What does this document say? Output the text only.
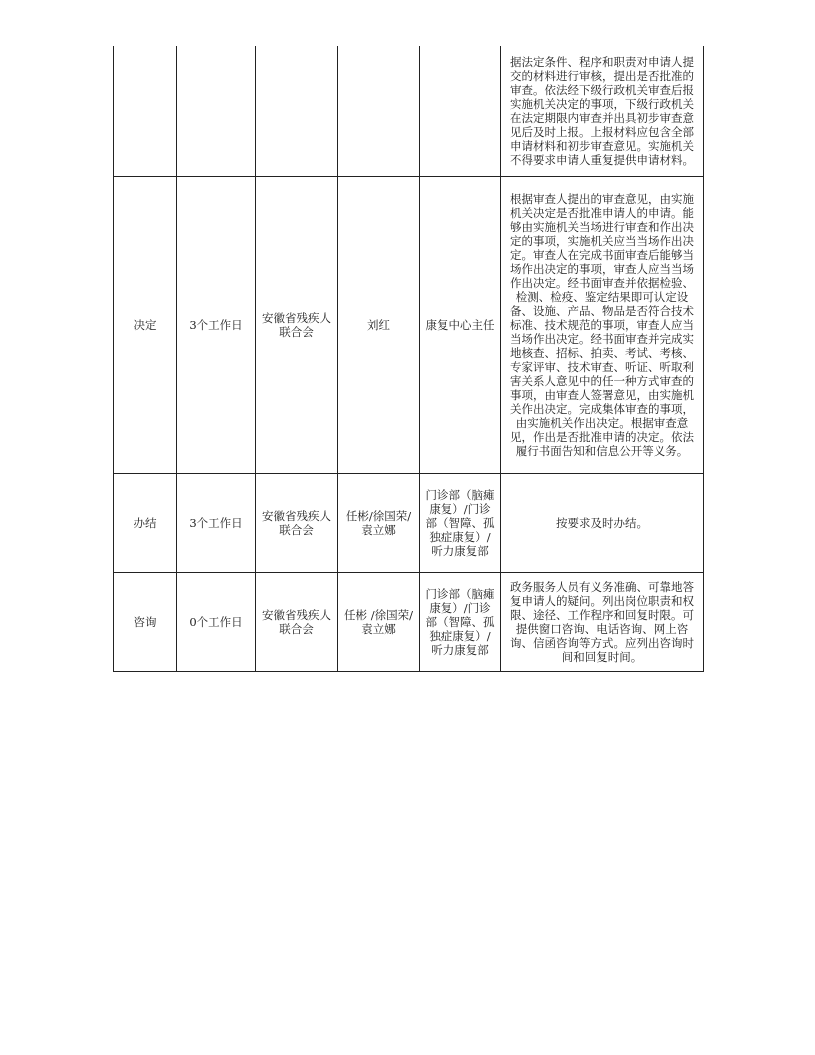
					据法定条件、程序和职责对申请人提交的材料进行审核，提出是否批准的审查。依法经下级行政机关审查后报实施机关决定的事项，下级行政机关在法定期限内审查并出具初步审查意见后及时上报。上报材料应包含全部申请材料和初步审查意见。实施机关不得要求申请人重复提供申请材料。
决定	3个工作日	安徽省残疾人联合会	刘红	康复中心主任	根据审查人提出的审查意见，由实施机关决定是否批准申请人的申请。能够由实施机关当场进行审查和作出决定的事项，实施机关应当当场作出决定。审查人在完成书面审查后能够当场作出决定的事项，审查人应当当场作出决定。经书面审查并依据检验、检测、检疫、鉴定结果即可认定设备、设施、产品、物品是否符合技术标准、技术规范的事项，审查人应当当场作出决定。经书面审查并完成实地核查、招标、拍卖、考试、考核、专家评审、技术审查、听证、听取利害关系人意见中的任一种方式审查的事项，由审查人签署意见，由实施机关作出决定。完成集体审查的事项，由实施机关作出决定。根据审查意见，作出是否批准申请的决定。依法履行书面告知和信息公开等义务。
办结	3个工作日	安徽省残疾人联合会	任彬/徐国荣/袁立娜	门诊部（脑瘫康复）/门诊部（智障、孤独症康复）/听力康复部	按要求及时办结。
咨询	0个工作日	安徽省残疾人联合会	任彬 /徐国荣/袁立娜	门诊部（脑瘫康复）/门诊部（智障、孤独症康复）/听力康复部	政务服务人员有义务准确、可靠地答复申请人的疑问。列出岗位职责和权限、途径、工作程序和回复时限。可提供窗口咨询、电话咨询、网上咨询、信函咨询等方式。应列出咨询时间和回复时间。
